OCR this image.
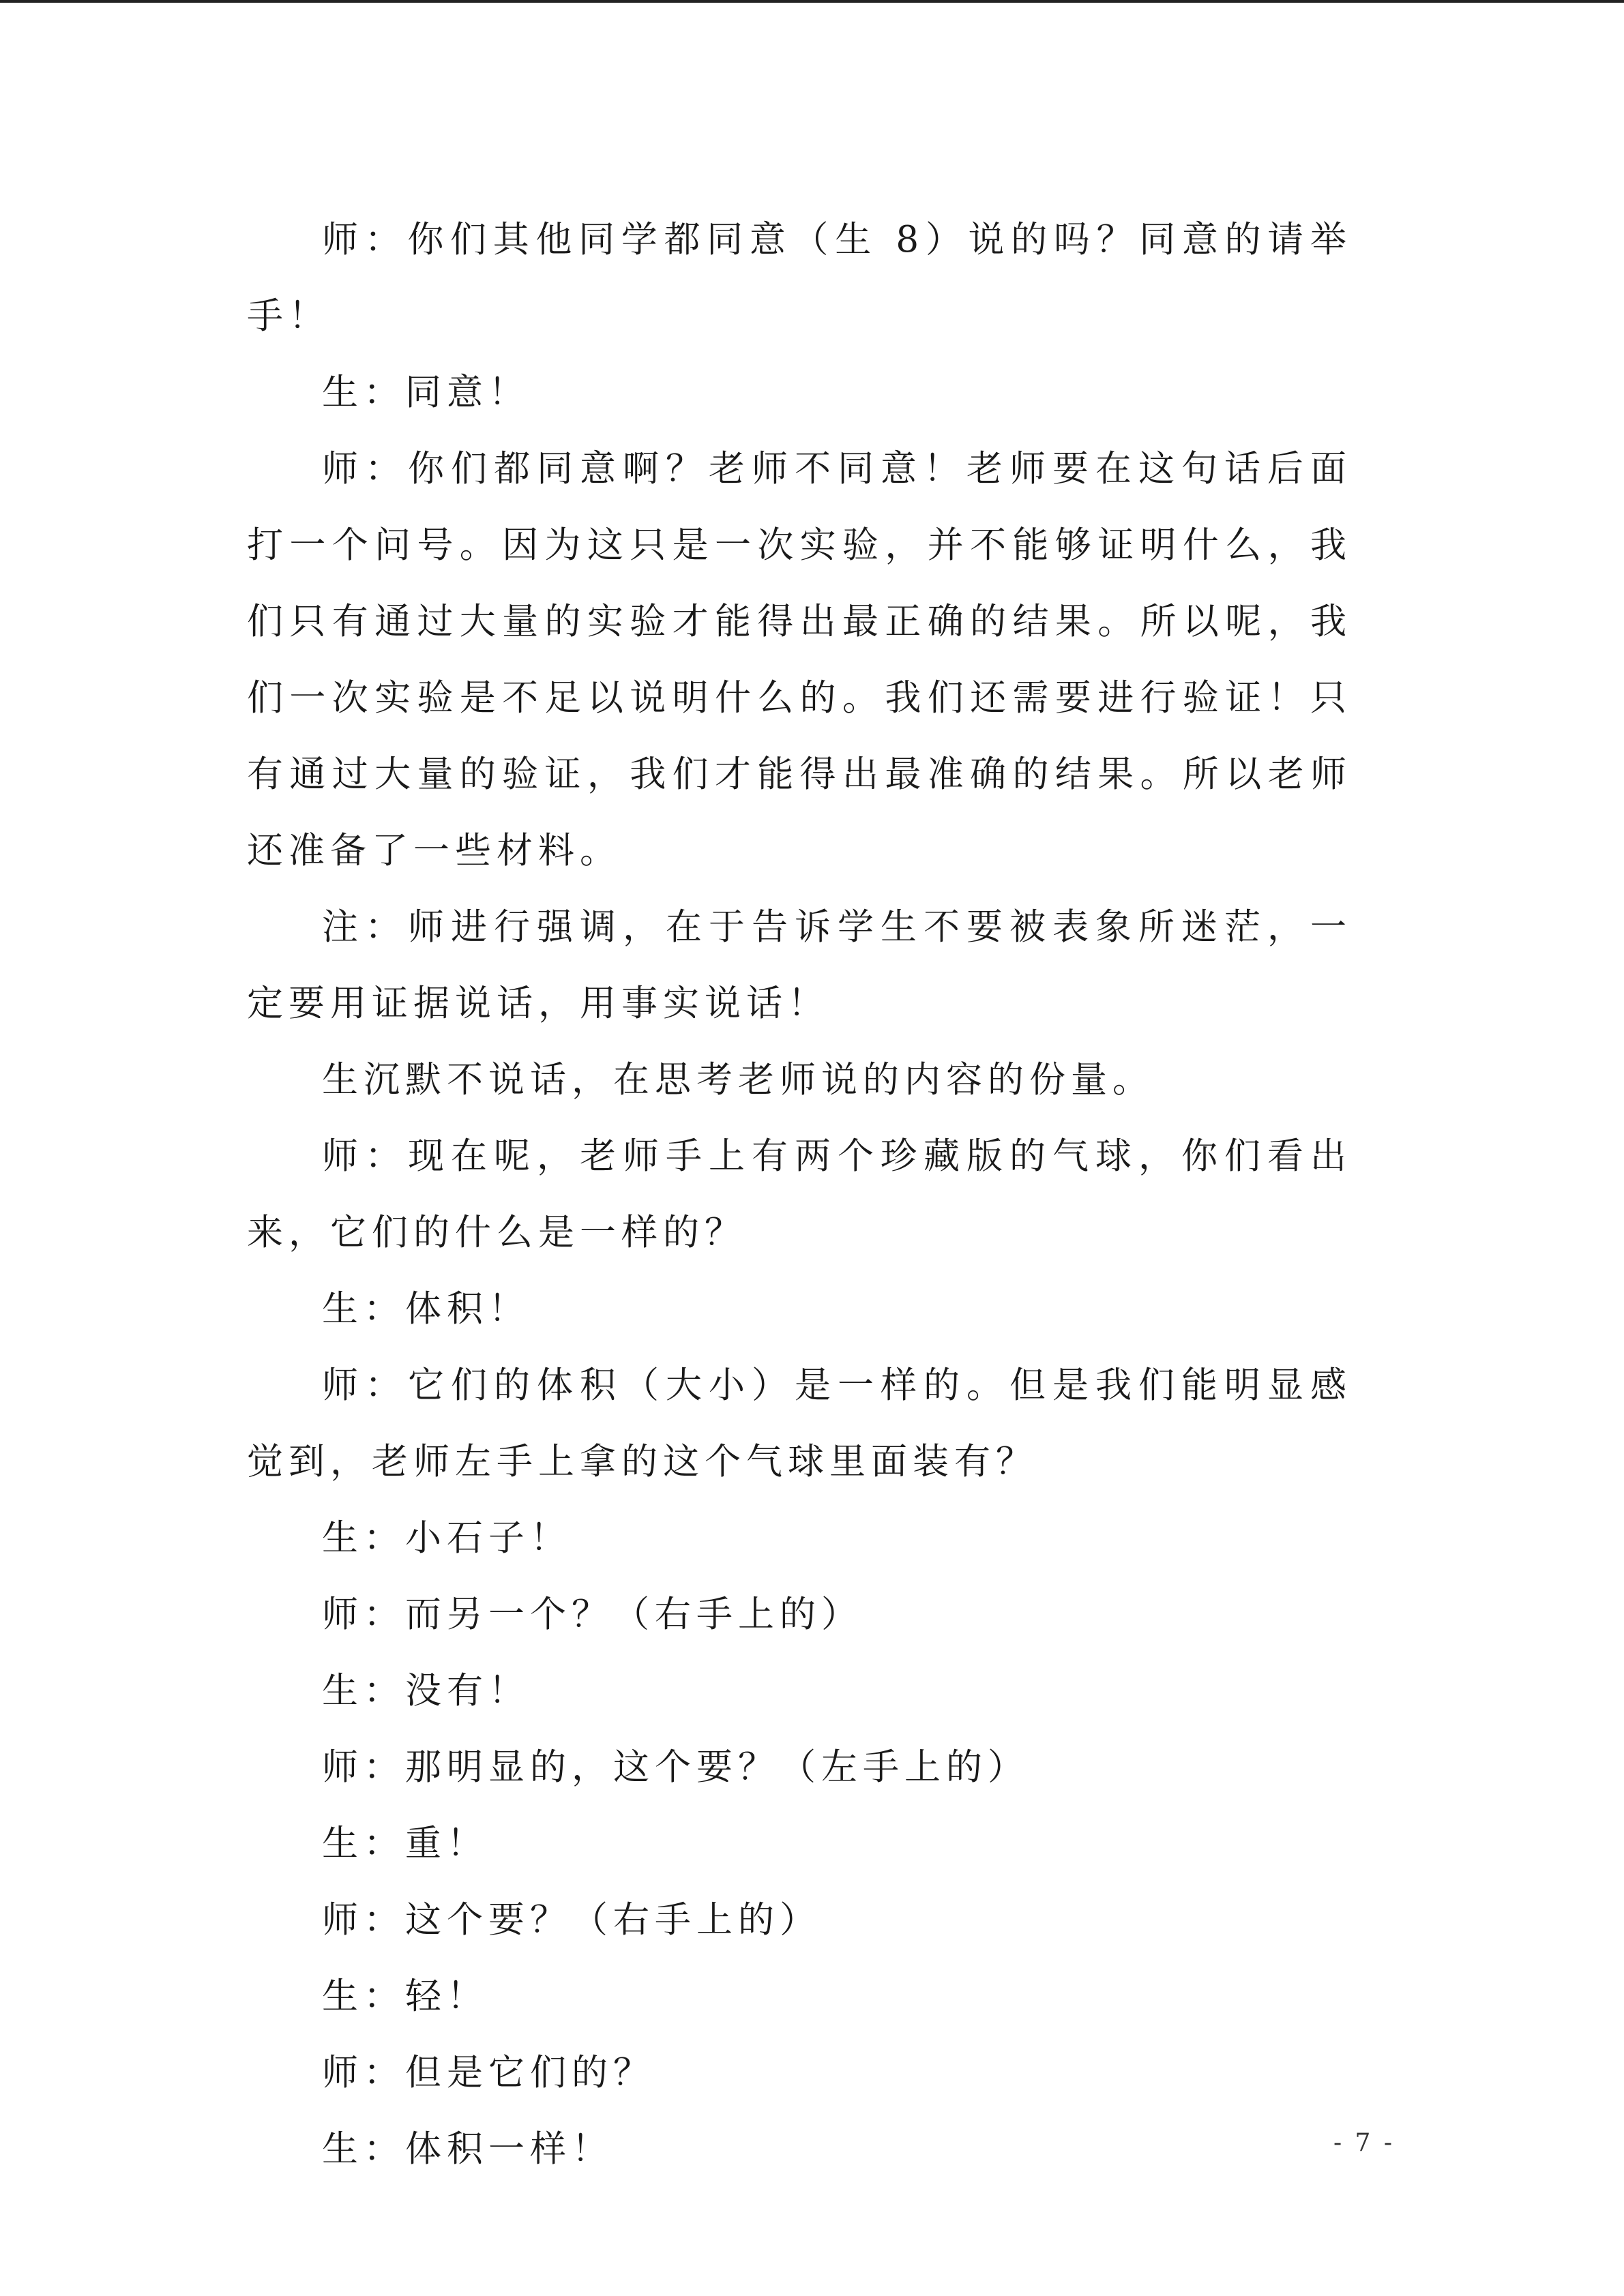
师：你们其他同学都同意（生 8）说的吗？同意的请举手！

生：同意！

师：你们都同意啊？老师不同意！老师要在这句话后面打一个问号。因为这只是一次实验，并不能够证明什么，我们只有通过大量的实验才能得出最正确的结果。所以呢，我们一次实验是不足以说明什么的。我们还需要进行验证！只有通过大量的验证，我们才能得出最准确的结果。所以老师还准备了一些材料。

注：师进行强调，在于告诉学生不要被表象所迷茫，一定要用证据说话，用事实说话！

生沉默不说话，在思考老师说的内容的份量。

师：现在呢，老师手上有两个珍藏版的气球，你们看出来，它们的什么是一样的？

生：体积！

师：它们的体积（大小）是一样的。但是我们能明显感觉到，老师左手上拿的这个气球里面装有？

生：小石子！

师：而另一个？（右手上的）

生：没有！

师：那明显的，这个要？（左手上的）

生：重！

师：这个要？（右手上的）

生：轻！

师：但是它们的？

生：体积一样！	- 7 -
